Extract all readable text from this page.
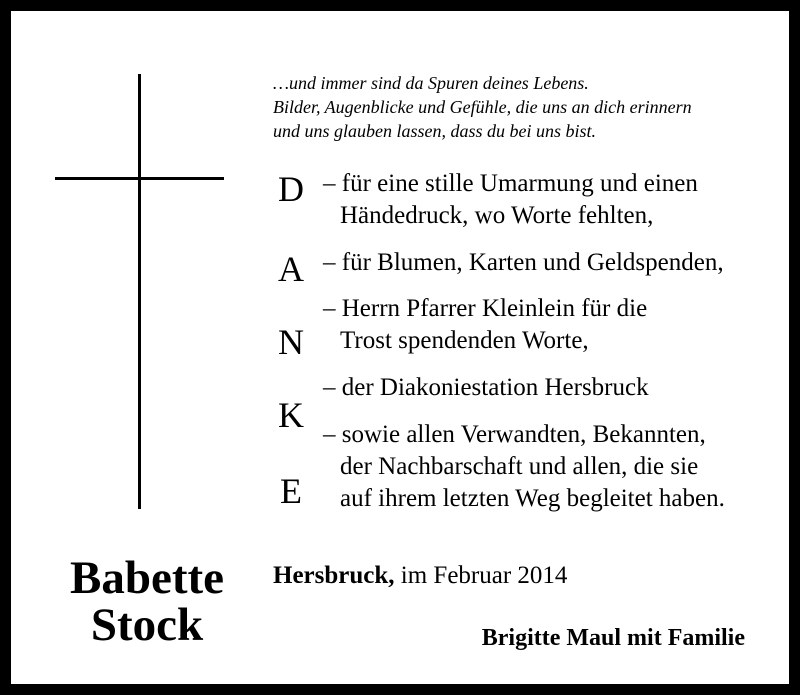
…und immer sind da Spuren deines Lebens.
Bilder, Augenblicke und Gefühle, die uns an dich erinnern
und uns glauben lassen, dass du bei uns bist.
D
A
N
K
E
– für eine stille Umarmung und einen
Händedruck, wo Worte fehlten,
– für Blumen, Karten und Geldspenden,
– Herrn Pfarrer Kleinlein für die
Trost spendenden Worte,
– der Diakoniestation Hersbruck
– sowie allen Verwandten, Bekannten,
der Nachbarschaft und allen, die sie
auf ihrem letzten Weg begleitet haben.
Babette
Stock
Hersbruck, im Februar 2014
Brigitte Maul mit Familie
